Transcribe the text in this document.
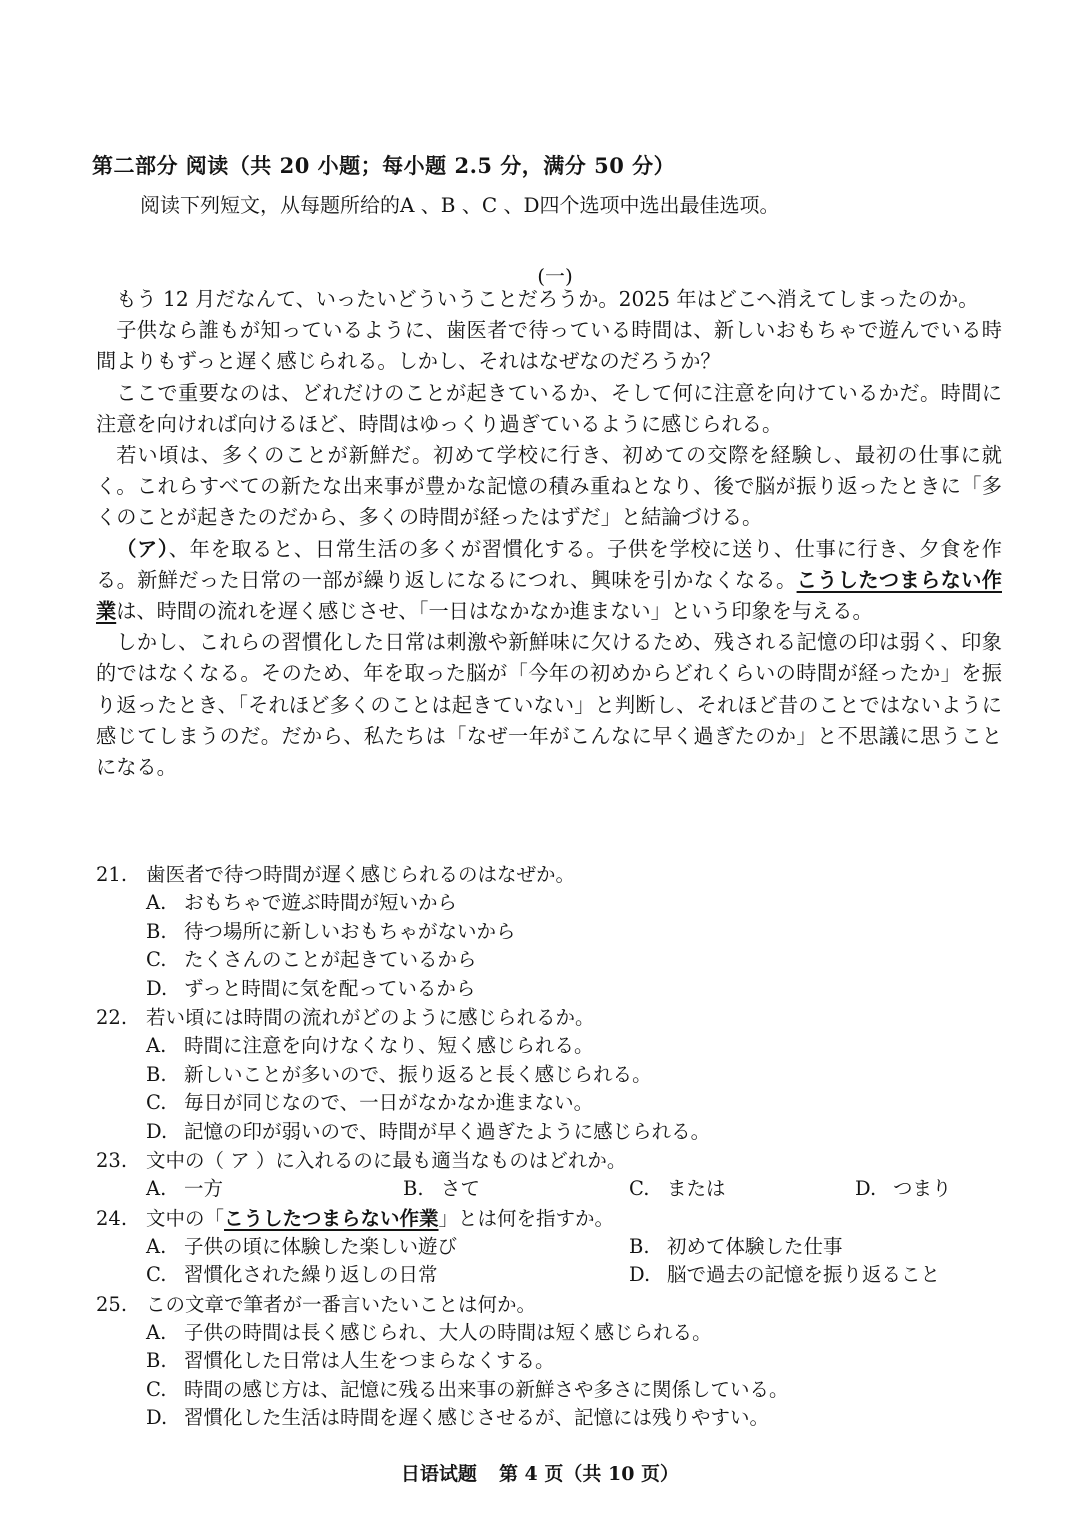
第二部分 阅读（共 20 小题；每小题 2.5 分，满分 50 分）
阅读下列短文，从每题所给的A 、B 、C 、D四个选项中选出最佳选项。
(一)

もう 12 月だなんて、いったいどういうことだろうか。2025 年はどこへ消えてしまったのか。

子供なら誰もが知っているように、歯医者で待っている時間は、新しいおもちゃで遊んでいる時間よりもずっと遅く感じられる。しかし、それはなぜなのだろうか？

ここで重要なのは、どれだけのことが起きているか、そして何に注意を向けているかだ。時間に注意を向ければ向けるほど、時間はゆっくり過ぎているように感じられる。

若い頃は、多くのことが新鮮だ。初めて学校に行き、初めての交際を経験し、最初の仕事に就く。これらすべての新たな出来事が豊かな記憶の積み重ねとなり、後で脳が振り返ったときに「多くのことが起きたのだから、多くの時間が経ったはずだ」と結論づける。

（ア）、年を取ると、日常生活の多くが習慣化する。子供を学校に送り、仕事に行き、夕食を作る。新鮮だった日常の一部が繰り返しになるにつれ、興味を引かなくなる。こうしたつまらない作業は、時間の流れを遅く感じさせ、「一日はなかなか進まない」という印象を与える。

しかし、これらの習慣化した日常は刺激や新鮮味に欠けるため、残される記憶の印は弱く、印象的ではなくなる。そのため、年を取った脳が「今年の初めからどれくらいの時間が経ったか」を振り返ったとき、「それほど多くのことは起きていない」と判断し、それほど昔のことではないように感じてしまうのだ。だから、私たちは「なぜ一年がこんなに早く過ぎたのか」と不思議に思うことになる。

21. 歯医者で待つ時間が遅く感じられるのはなぜか。
A. おもちゃで遊ぶ時間が短いから
B. 待つ場所に新しいおもちゃがないから
C. たくさんのことが起きているから
D. ずっと時間に気を配っているから
22. 若い頃には時間の流れがどのように感じられるか。
A. 時間に注意を向けなくなり、短く感じられる。
B. 新しいことが多いので、振り返ると長く感じられる。
C. 毎日が同じなので、一日がなかなか進まない。
D. 記憶の印が弱いので、時間が早く過ぎたように感じられる。
23. 文中の（ ア ）に入れるのに最も適当なものはどれか。
A. 一方	B. さて	C. または	D. つまり
24. 文中の「こうしたつまらない作業」とは何を指すか。
A. 子供の頃に体験した楽しい遊び	B. 初めて体験した仕事
C. 習慣化された繰り返しの日常	D. 脳で過去の記憶を振り返ること
25. この文章で筆者が一番言いたいことは何か。
A. 子供の時間は長く感じられ、大人の時間は短く感じられる。
B. 習慣化した日常は人生をつまらなくする。
C. 時間の感じ方は、記憶に残る出来事の新鮮さや多さに関係している。
D. 習慣化した生活は時間を遅く感じさせるが、記憶には残りやすい。
日语试题 第 4 页（共 10 页）
